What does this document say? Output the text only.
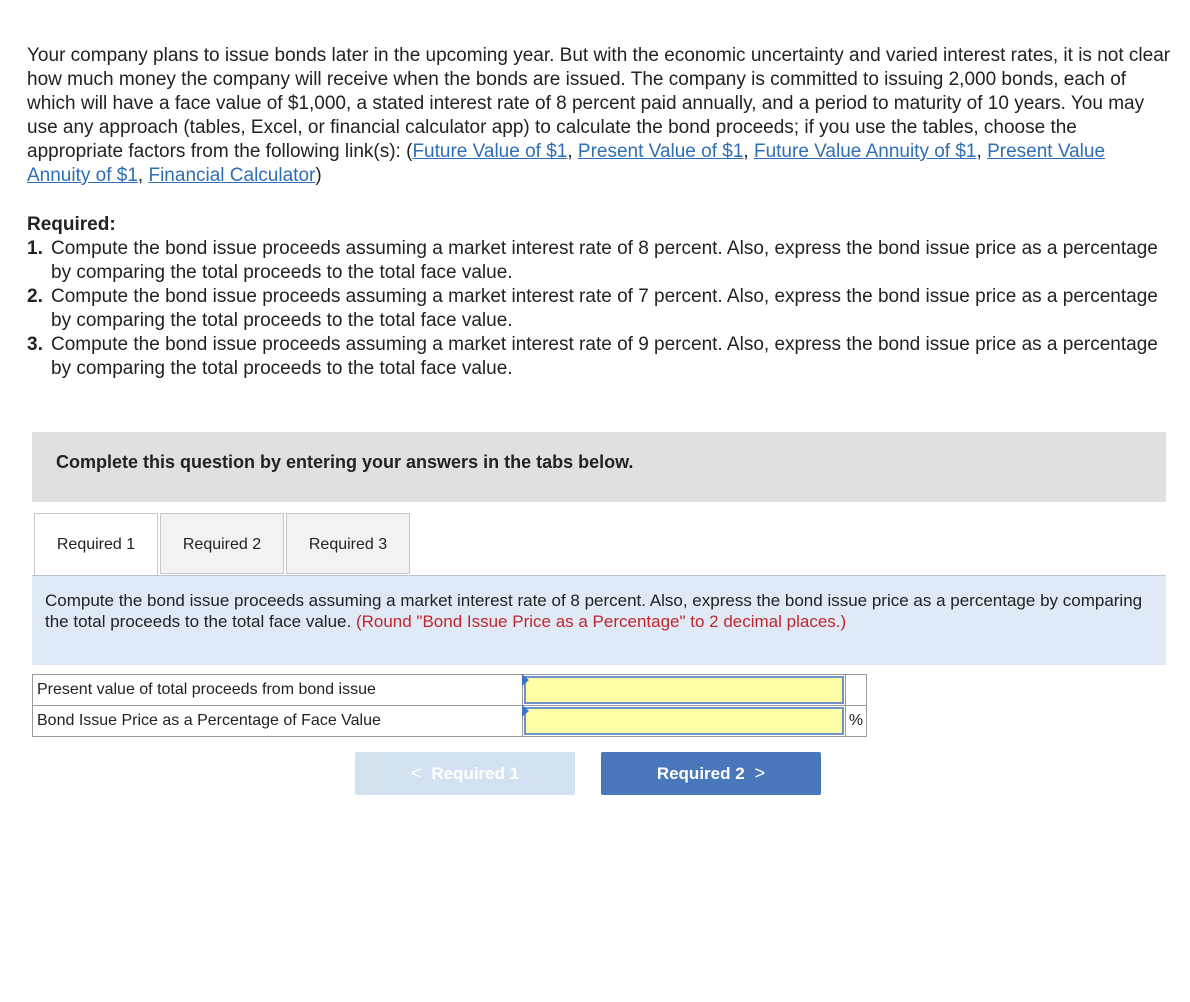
Your company plans to issue bonds later in the upcoming year. But with the economic uncertainty and varied interest rates, it is not clear how much money the company will receive when the bonds are issued. The company is committed to issuing 2,000 bonds, each of which will have a face value of $1,000, a stated interest rate of 8 percent paid annually, and a period to maturity of 10 years. You may use any approach (tables, Excel, or financial calculator app) to calculate the bond proceeds; if you use the tables, choose the appropriate factors from the following link(s): (Future Value of $1, Present Value of $1, Future Value Annuity of $1, Present Value Annuity of $1, Financial Calculator)

Required:

1. Compute the bond issue proceeds assuming a market interest rate of 8 percent. Also, express the bond issue price as a percentage by comparing the total proceeds to the total face value.
2. Compute the bond issue proceeds assuming a market interest rate of 7 percent. Also, express the bond issue price as a percentage by comparing the total proceeds to the total face value.
3. Compute the bond issue proceeds assuming a market interest rate of 9 percent. Also, express the bond issue price as a percentage by comparing the total proceeds to the total face value.
Complete this question by entering your answers in the tabs below.
Required 1	Required 2	Required 3
Compute the bond issue proceeds assuming a market interest rate of 8 percent. Also, express the bond issue price as a percentage by comparing the total proceeds to the total face value. (Round "Bond Issue Price as a Percentage" to 2 decimal places.)
Present value of total proceeds from bond issue	

Bond Issue Price as a Percentage of Face Value		%
< Required 1	Required 2 >
